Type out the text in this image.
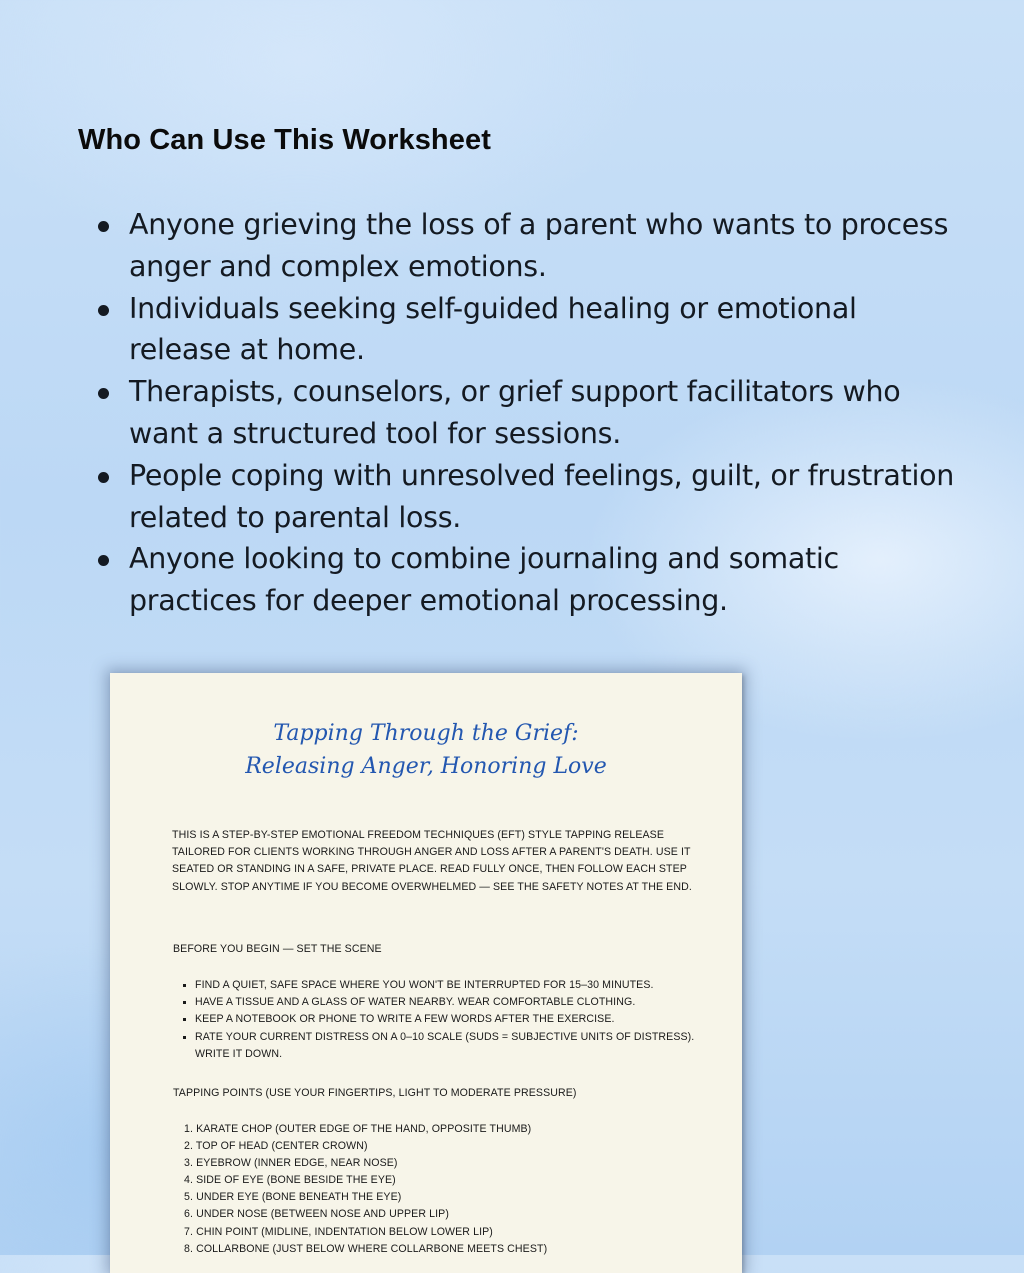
Who Can Use This Worksheet
Anyone grieving the loss of a parent who wants to process anger and complex emotions.
Individuals seeking self-guided healing or emotional release at home.
Therapists, counselors, or grief support facilitators who want a structured tool for sessions.
People coping with unresolved feelings, guilt, or frustration related to parental loss.
Anyone looking to combine journaling and somatic practices for deeper emotional processing.
Tapping Through the Grief:
Releasing Anger, Honoring Love
THIS IS A STEP-BY-STEP EMOTIONAL FREEDOM TECHNIQUES (EFT) STYLE TAPPING RELEASE TAILORED FOR CLIENTS WORKING THROUGH ANGER AND LOSS AFTER A PARENT'S DEATH. USE IT SEATED OR STANDING IN A SAFE, PRIVATE PLACE. READ FULLY ONCE, THEN FOLLOW EACH STEP SLOWLY. STOP ANYTIME IF YOU BECOME OVERWHELMED — SEE THE SAFETY NOTES AT THE END.
BEFORE YOU BEGIN — SET THE SCENE
FIND A QUIET, SAFE SPACE WHERE YOU WON'T BE INTERRUPTED FOR 15–30 MINUTES.
HAVE A TISSUE AND A GLASS OF WATER NEARBY. WEAR COMFORTABLE CLOTHING.
KEEP A NOTEBOOK OR PHONE TO WRITE A FEW WORDS AFTER THE EXERCISE.
RATE YOUR CURRENT DISTRESS ON A 0–10 SCALE (SUDS = SUBJECTIVE UNITS OF DISTRESS). WRITE IT DOWN.
TAPPING POINTS (USE YOUR FINGERTIPS, LIGHT TO MODERATE PRESSURE)
1. KARATE CHOP (OUTER EDGE OF THE HAND, OPPOSITE THUMB)
2. TOP OF HEAD (CENTER CROWN)
3. EYEBROW (INNER EDGE, NEAR NOSE)
4. SIDE OF EYE (BONE BESIDE THE EYE)
5. UNDER EYE (BONE BENEATH THE EYE)
6. UNDER NOSE (BETWEEN NOSE AND UPPER LIP)
7. CHIN POINT (MIDLINE, INDENTATION BELOW LOWER LIP)
8. COLLARBONE (JUST BELOW WHERE COLLARBONE MEETS CHEST)
